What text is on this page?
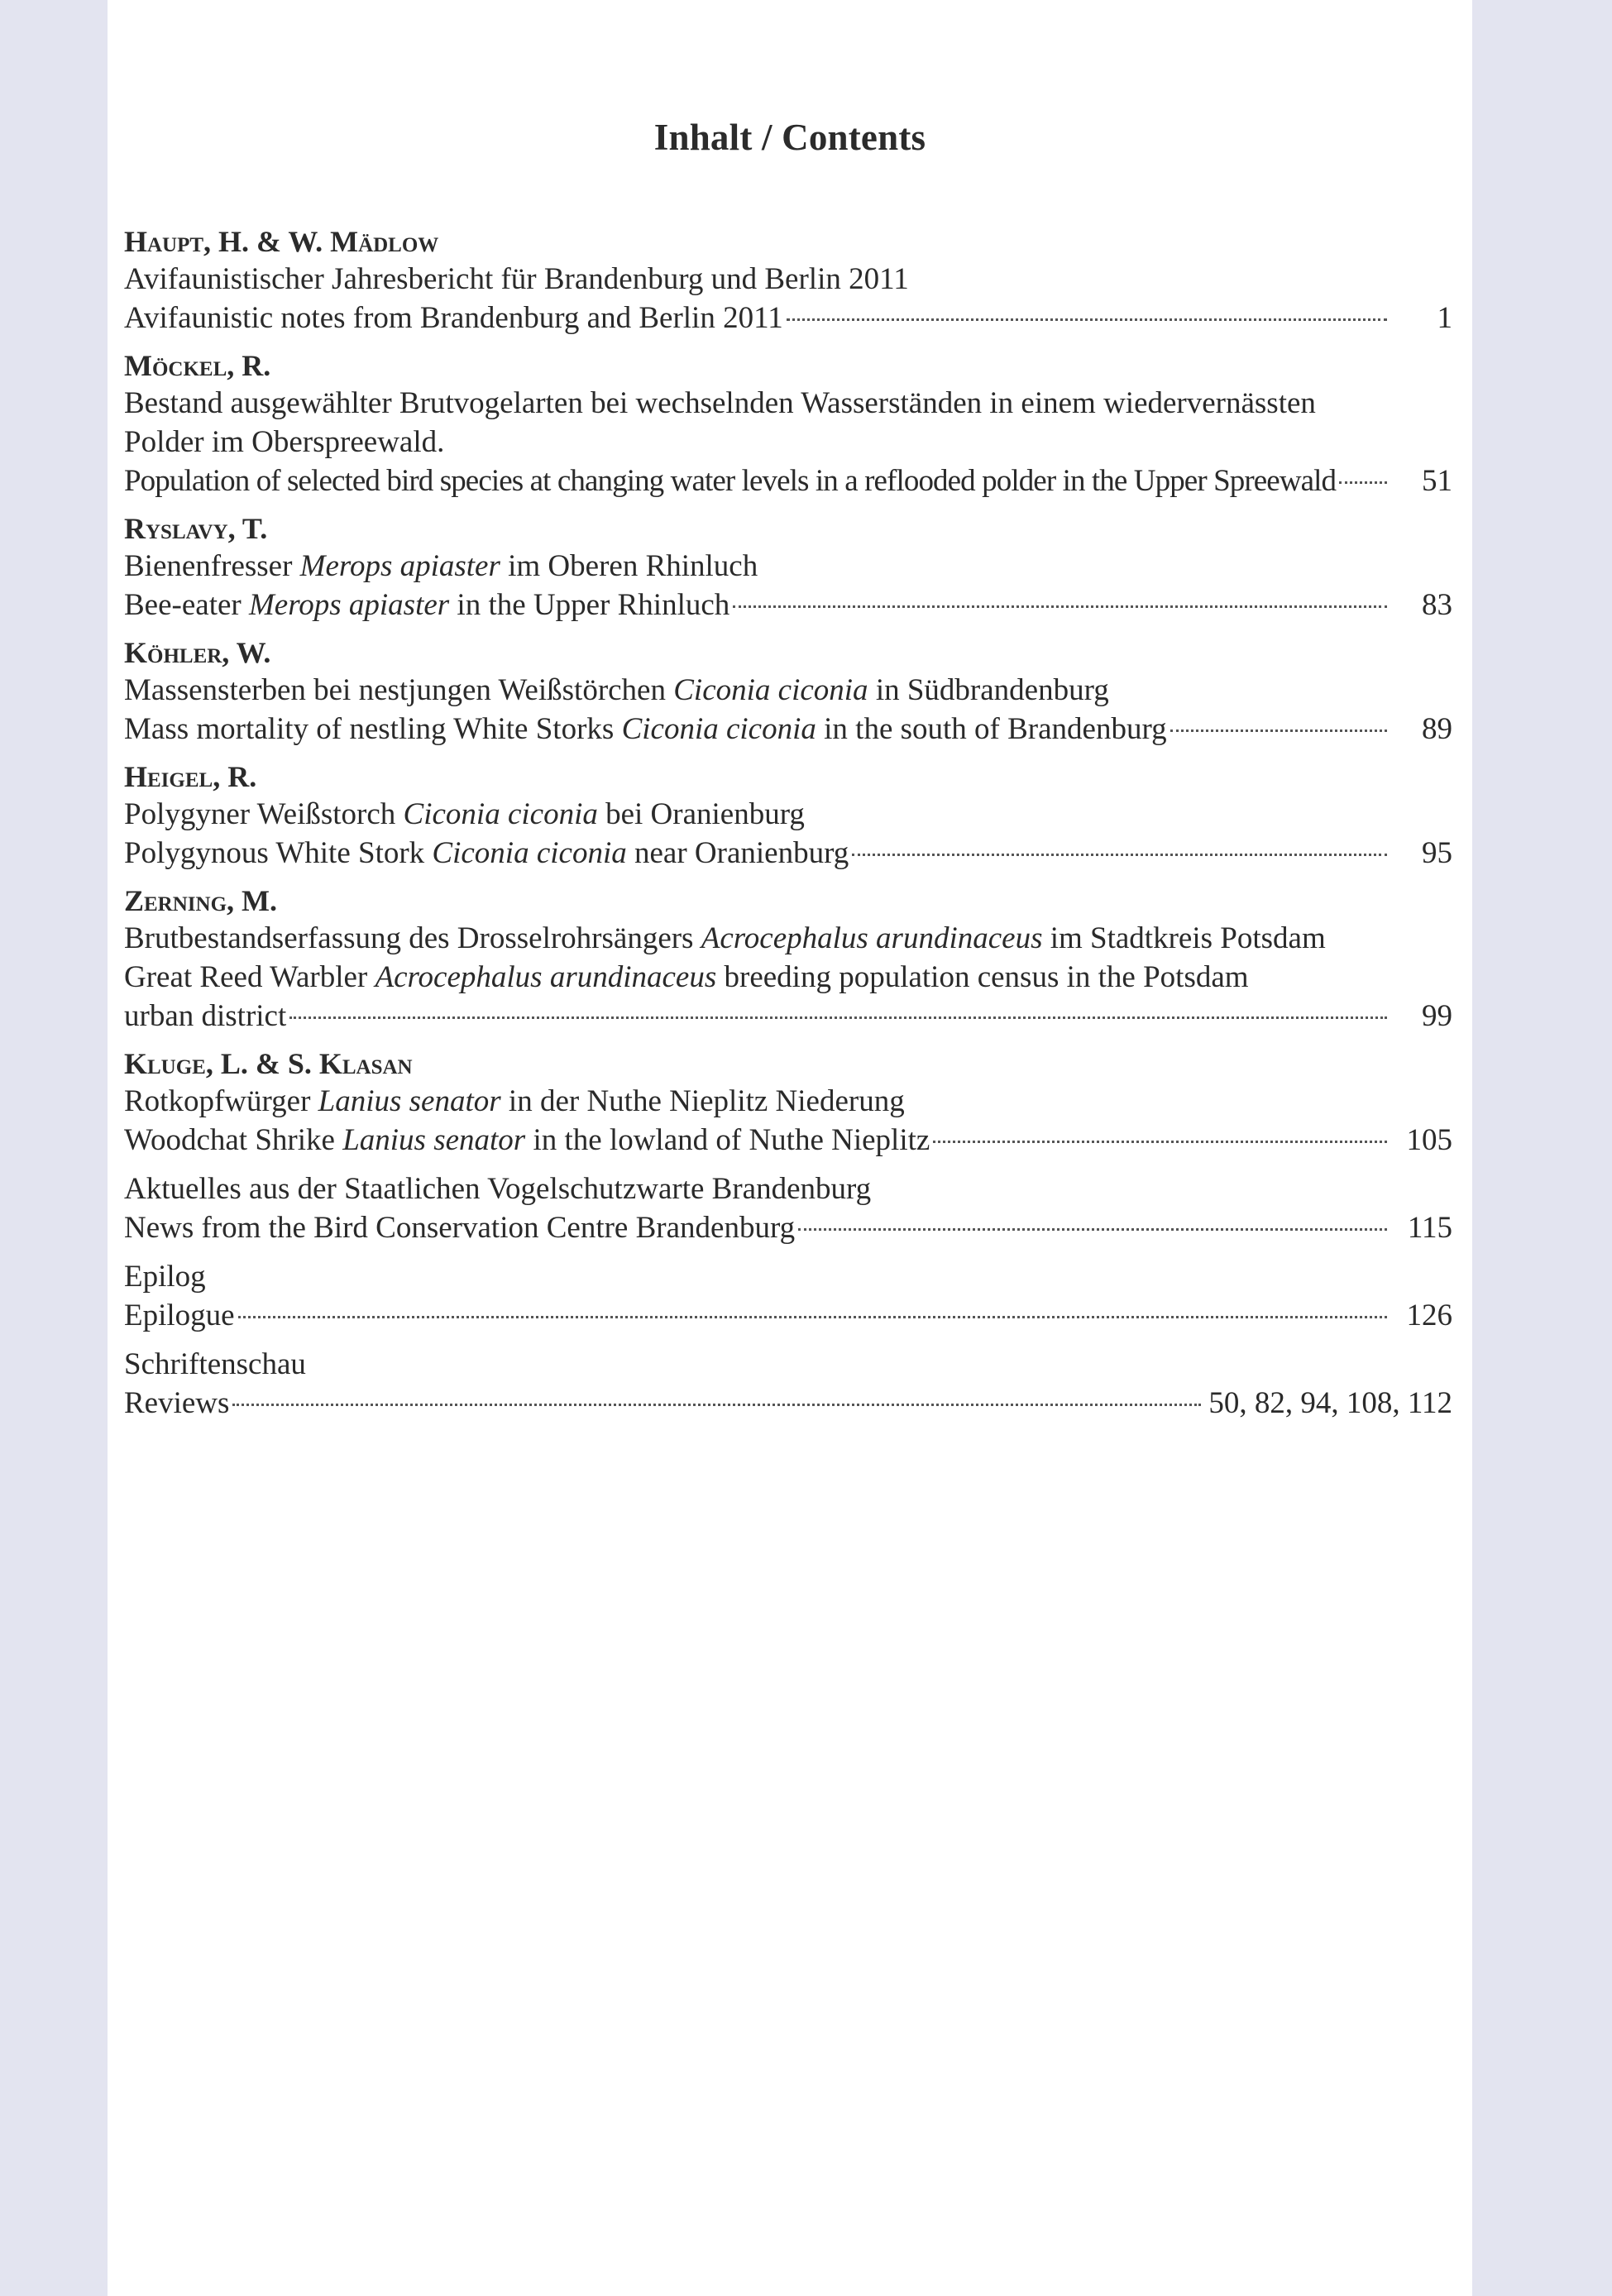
Inhalt / Contents
Haupt, H. & W. Mädlow
Avifaunistischer Jahresbericht für Brandenburg und Berlin 2011
Avifaunistic notes from Brandenburg and Berlin 2011	1
Möckel, R.
Bestand ausgewählter Brutvogelarten bei wechselnden Wasserständen in einem wiedervernässten
Polder im Oberspreewald.
Population of selected bird species at changing water levels in a reflooded polder in the Upper Spreewald	51
Ryslavy, T.
Bienenfresser Merops apiaster im Oberen Rhinluch
Bee-eater Merops apiaster in the Upper Rhinluch	83
Köhler, W.
Massensterben bei nestjungen Weißstörchen Ciconia ciconia in Südbrandenburg
Mass mortality of nestling White Storks Ciconia ciconia in the south of Brandenburg	89
Heigel, R.
Polygyner Weißstorch Ciconia ciconia bei Oranienburg
Polygynous White Stork Ciconia ciconia near Oranienburg	95
Zerning, M.
Brutbestandserfassung des Drosselrohrsängers Acrocephalus arundinaceus im Stadtkreis Potsdam
Great Reed Warbler Acrocephalus arundinaceus breeding population census in the Potsdam
urban district	99
Kluge, L. & S. Klasan
Rotkopfwürger Lanius senator in der Nuthe Nieplitz Niederung
Woodchat Shrike Lanius senator in the lowland of Nuthe Nieplitz	105
Aktuelles aus der Staatlichen Vogelschutzwarte Brandenburg
News from the Bird Conservation Centre Brandenburg	115
Epilog
Epilogue	126
Schriftenschau
Reviews	50, 82, 94, 108, 112
